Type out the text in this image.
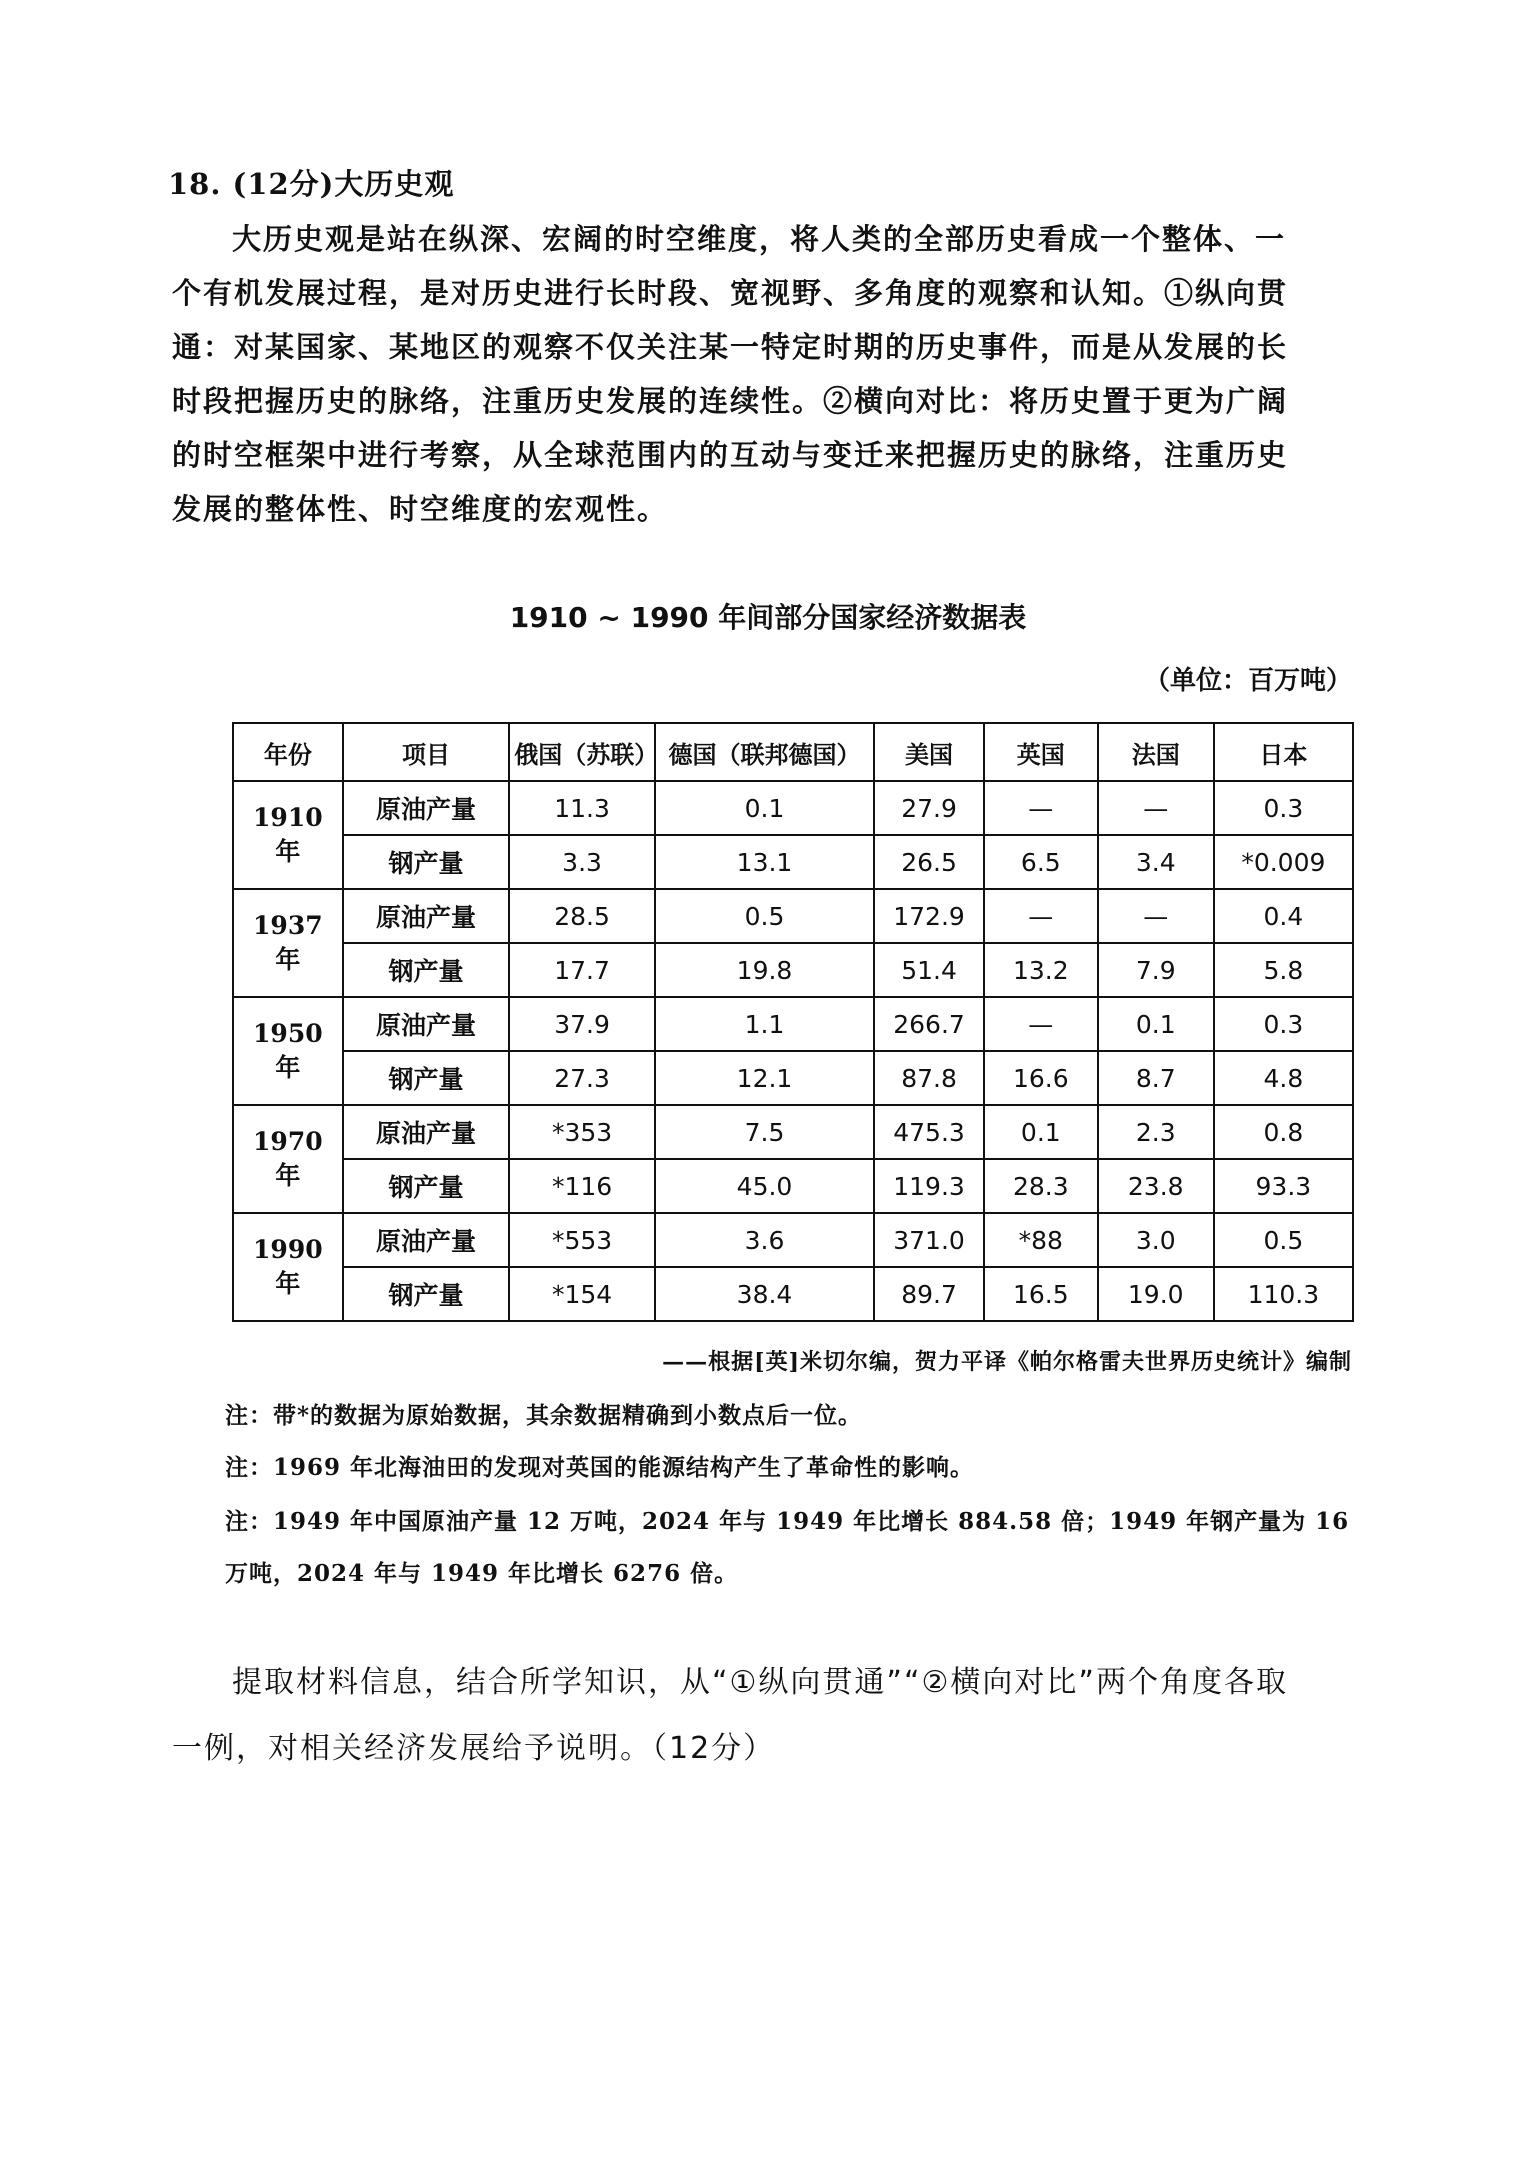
18. (12分)大历史观

大历史观是站在纵深、宏阔的时空维度，将人类的全部历史看成一个整体、一个有机发展过程，是对历史进行长时段、宽视野、多角度的观察和认知。①纵向贯通：对某国家、某地区的观察不仅关注某一特定时期的历史事件，而是从发展的长时段把握历史的脉络，注重历史发展的连续性。②横向对比：将历史置于更为广阔的时空框架中进行考察，从全球范围内的互动与变迁来把握历史的脉络，注重历史发展的整体性、时空维度的宏观性。

1910 ~ 1990 年间部分国家经济数据表
（单位：百万吨）
年份	项目	俄国（苏联）	德国（联邦德国）	美国	英国	法国	日本
1910 年	原油产量	11.3	0.1	27.9	—	—	0.3
	钢产量	3.3	13.1	26.5	6.5	3.4	*0.009
1937 年	原油产量	28.5	0.5	172.9	—	—	0.4
	钢产量	17.7	19.8	51.4	13.2	7.9	5.8
1950 年	原油产量	37.9	1.1	266.7	—	0.1	0.3
	钢产量	27.3	12.1	87.8	16.6	8.7	4.8
1970 年	原油产量	*353	7.5	475.3	0.1	2.3	0.8
	钢产量	*116	45.0	119.3	28.3	23.8	93.3
1990 年	原油产量	*553	3.6	371.0	*88	3.0	0.5
	钢产量	*154	38.4	89.7	16.5	19.0	110.3
——根据[英]米切尔编，贺力平译《帕尔格雷夫世界历史统计》编制
注：带*的数据为原始数据，其余数据精确到小数点后一位。
注：1969 年北海油田的发现对英国的能源结构产生了革命性的影响。
注：1949 年中国原油产量 12 万吨，2024 年与 1949 年比增长 884.58 倍；1949 年钢产量为 16 万吨，2024 年与 1949 年比增长 6276 倍。
提取材料信息，结合所学知识，从“①纵向贯通”“②横向对比”两个角度各取一例，对相关经济发展给予说明。（12分）
